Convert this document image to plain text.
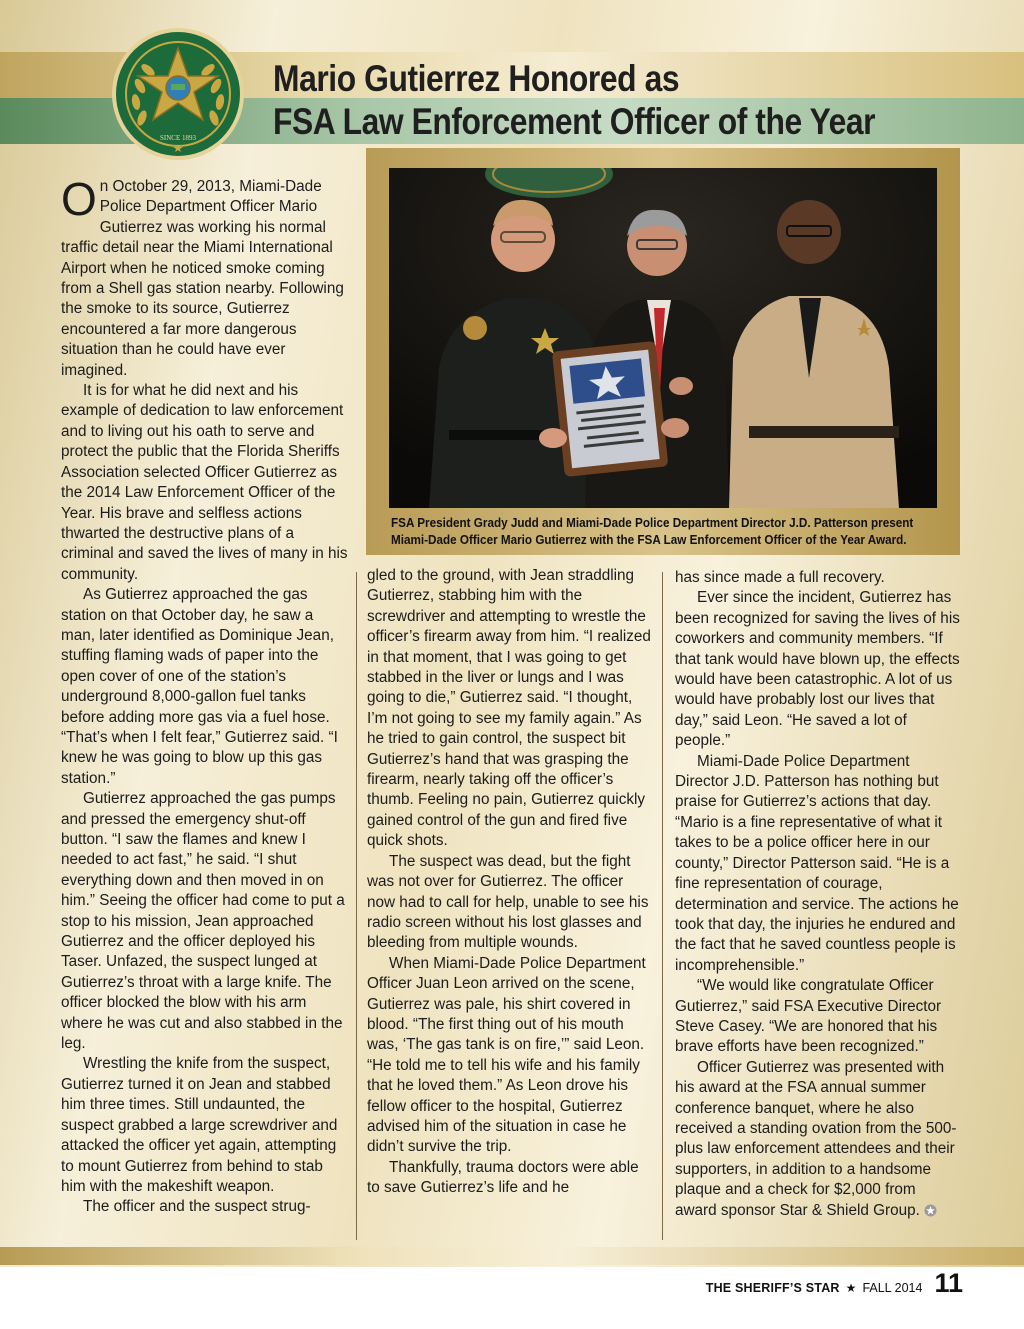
SINCE 1893
Mario Gutierrez Honored as
FSA Law Enforcement Officer of the Year

FSA President Grady Judd and Miami-Dade Police Department Director J.D. Patterson present
Miami-Dade Officer Mario Gutierrez with the FSA Law Enforcement Officer of the Year Award.

On October 29, 2013, Miami-Dade Police Department Officer Mario Gutierrez was working his normal traffic detail near the Miami International Airport when he noticed smoke coming from a Shell gas station nearby. Following the smoke to its source, Gutierrez encountered a far more dangerous situation than he could have ever imagined.

It is for what he did next and his example of dedication to law enforcement and to living out his oath to serve and protect the public that the Florida Sheriffs Association selected Officer Gutierrez as the 2014 Law Enforcement Officer of the Year. His brave and selfless actions thwarted the destructive plans of a criminal and saved the lives of many in his community.

As Gutierrez approached the gas station on that October day, he saw a man, later identified as Dominique Jean, stuffing flaming wads of paper into the open cover of one of the station’s underground 8,000-gallon fuel tanks before adding more gas via a fuel hose. “That’s when I felt fear,” Gutierrez said. “I knew he was going to blow up this gas station.”

Gutierrez approached the gas pumps and pressed the emergency shut-off button. “I saw the flames and knew I needed to act fast,” he said. “I shut everything down and then moved in on him.” Seeing the officer had come to put a stop to his mission, Jean approached Gutierrez and the officer deployed his Taser. Unfazed, the suspect lunged at Gutierrez’s throat with a large knife. The officer blocked the blow with his arm where he was cut and also stabbed in the leg.

Wrestling the knife from the suspect, Gutierrez turned it on Jean and stabbed him three times. Still undaunted, the suspect grabbed a large screwdriver and attacked the officer yet again, attempting to mount Gutierrez from behind to stab him with the makeshift weapon.

The officer and the suspect strug-

gled to the ground, with Jean straddling Gutierrez, stabbing him with the screwdriver and attempting to wrestle the officer’s firearm away from him. “I realized in that moment, that I was going to get stabbed in the liver or lungs and I was going to die,” Gutierrez said. “I thought, I’m not going to see my family again.” As he tried to gain control, the suspect bit Gutierrez’s hand that was grasping the firearm, nearly taking off the officer’s thumb. Feeling no pain, Gutierrez quickly gained control of the gun and fired five quick shots.

The suspect was dead, but the fight was not over for Gutierrez. The officer now had to call for help, unable to see his radio screen without his lost glasses and bleeding from multiple wounds.

When Miami-Dade Police Department Officer Juan Leon arrived on the scene, Gutierrez was pale, his shirt covered in blood. “The first thing out of his mouth was, ‘The gas tank is on fire,’” said Leon. “He told me to tell his wife and his family that he loved them.” As Leon drove his fellow officer to the hospital, Gutierrez advised him of the situation in case he didn’t survive the trip.

Thankfully, trauma doctors were able to save Gutierrez’s life and he

has since made a full recovery.

Ever since the incident, Gutierrez has been recognized for saving the lives of his coworkers and community members. “If that tank would have blown up, the effects would have been catastrophic. A lot of us would have probably lost our lives that day,” said Leon. “He saved a lot of people.”

Miami-Dade Police Department Director J.D. Patterson has nothing but praise for Gutierrez’s actions that day. “Mario is a fine representative of what it takes to be a police officer here in our county,” Director Patterson said. “He is a fine representation of courage, determination and service. The actions he took that day, the injuries he endured and the fact that he saved countless people is incomprehensible.”

“We would like congratulate Officer Gutierrez,” said FSA Executive Director Steve Casey. “We are honored that his brave efforts have been recognized.”

Officer Gutierrez was presented with his award at the FSA annual summer conference banquet, where he also received a standing ovation from the 500-plus law enforcement attendees and their supporters, in addition to a handsome plaque and a check for $2,000 from award sponsor Star & Shield Group.

THE SHERIFF’S STAR ★ FALL 2014 11
